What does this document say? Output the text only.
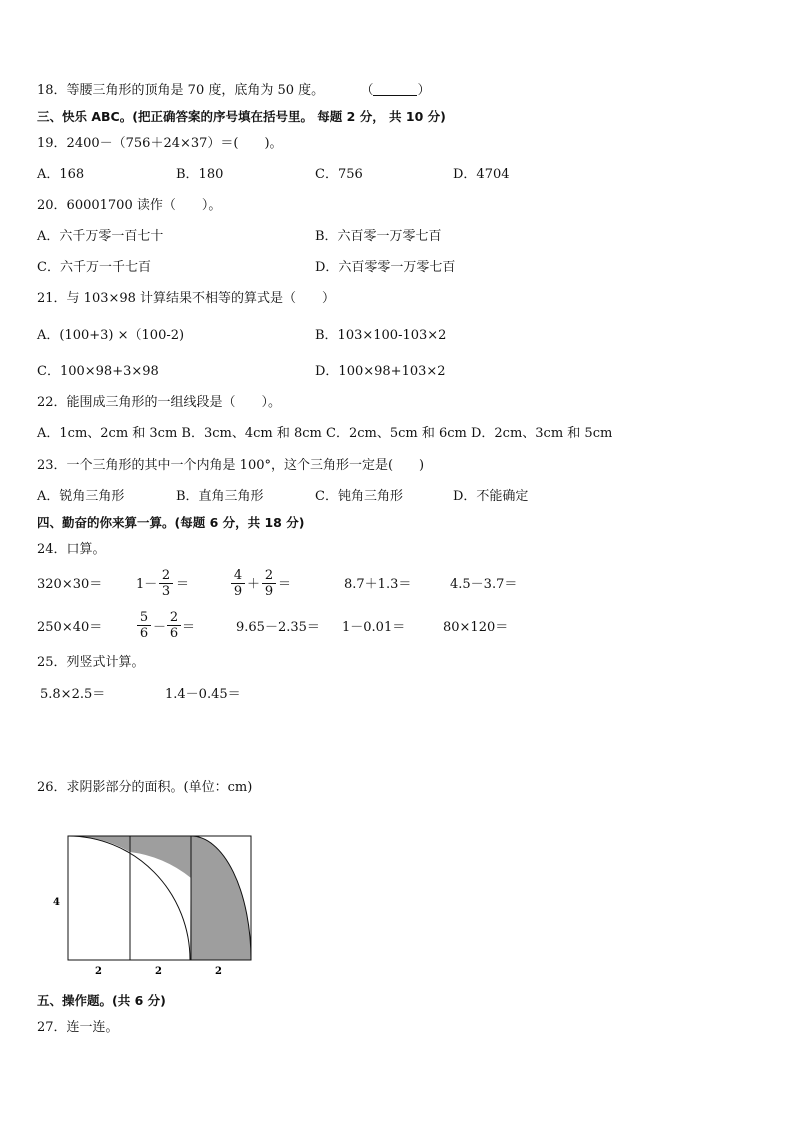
18．等腰三角形的顶角是 70 度，底角为 50 度。	（	）
三、快乐 ABC。(把正确答案的序号填在括号里。 每题 2 分， 共 10 分)
19．2400－（756＋24×37）＝(　　)。
A．168	B．180	C．756	D．4704
20．60001700 读作（　　）。
A．六千万零一百七十	B．六百零一万零七百
C．六千万一千七百	D．六百零零一万零七百
21．与 103×98 计算结果不相等的算式是（　　）
A．(100+3) ×（100-2)	B．103×100-103×2
C．100×98+3×98	D．100×98+103×2
22．能围成三角形的一组线段是（　　）。
A．1cm、2cm 和 3cm B．3cm、4cm 和 8cm C．2cm、5cm 和 6cm D．2cm、3cm 和 5cm
23．一个三角形的其中一个内角是 100°，这个三角形一定是(　　)
A．锐角三角形	B．直角三角形	C．钝角三角形	D．不能确定
四、勤奋的你来算一算。(每题 6 分，共 18 分)
24．口算。
320×30＝	$1- \frac{2}{3}$ ＝	$\frac{4}{9} + \frac{2}{9}$ ＝	8.7＋1.3＝	4.5－3.7＝
250×40＝	$\frac{5}{6} - \frac{2}{6}$ ＝	9.65－2.35＝ 1－0.01＝	80×120＝
25．列竖式计算。
5.8×2.5＝	1.4－0.45＝
26．求阴影部分的面积。(单位：cm)
4
2	2	2
五、操作题。(共 6 分)
27．连一连。
